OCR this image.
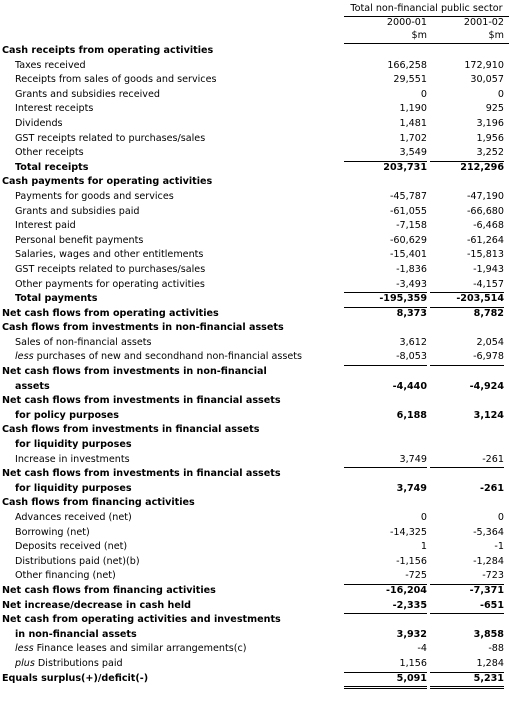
Total non-financial public sector
2000-01	2001-02
$m	$m
Cash receipts from operating activities
Taxes received	166,258	172,910
Receipts from sales of goods and services	29,551	30,057
Grants and subsidies received	0	0
Interest receipts	1,190	925
Dividends	1,481	3,196
GST receipts related to purchases/sales	1,702	1,956
Other receipts	3,549	3,252
Total receipts	203,731	212,296
Cash payments for operating activities
Payments for goods and services	-45,787	-47,190
Grants and subsidies paid	-61,055	-66,680
Interest paid	-7,158	-6,468
Personal benefit payments	-60,629	-61,264
Salaries, wages and other entitlements	-15,401	-15,813
GST receipts related to purchases/sales	-1,836	-1,943
Other payments for operating activities	-3,493	-4,157
Total payments	-195,359	-203,514
Net cash flows from operating activities	8,373	8,782
Cash flows from investments in non-financial assets
Sales of non-financial assets	3,612	2,054
less purchases of new and secondhand non-financial assets	-8,053	-6,978
Net cash flows from investments in non-financial
assets	-4,440	-4,924
Net cash flows from investments in financial assets
for policy purposes	6,188	3,124
Cash flows from investments in financial assets
for liquidity purposes
Increase in investments	3,749	-261
Net cash flows from investments in financial assets
for liquidity purposes	3,749	-261
Cash flows from financing activities
Advances received (net)	0	0
Borrowing (net)	-14,325	-5,364
Deposits received (net)	1	-1
Distributions paid (net)(b)	-1,156	-1,284
Other financing (net)	-725	-723
Net cash flows from financing activities	-16,204	-7,371
Net increase/decrease in cash held	-2,335	-651
Net cash from operating activities and investments
in non-financial assets	3,932	3,858
less Finance leases and similar arrangements(c)	-4	-88
plus Distributions paid	1,156	1,284
Equals surplus(+)/deficit(-)	5,091	5,231
